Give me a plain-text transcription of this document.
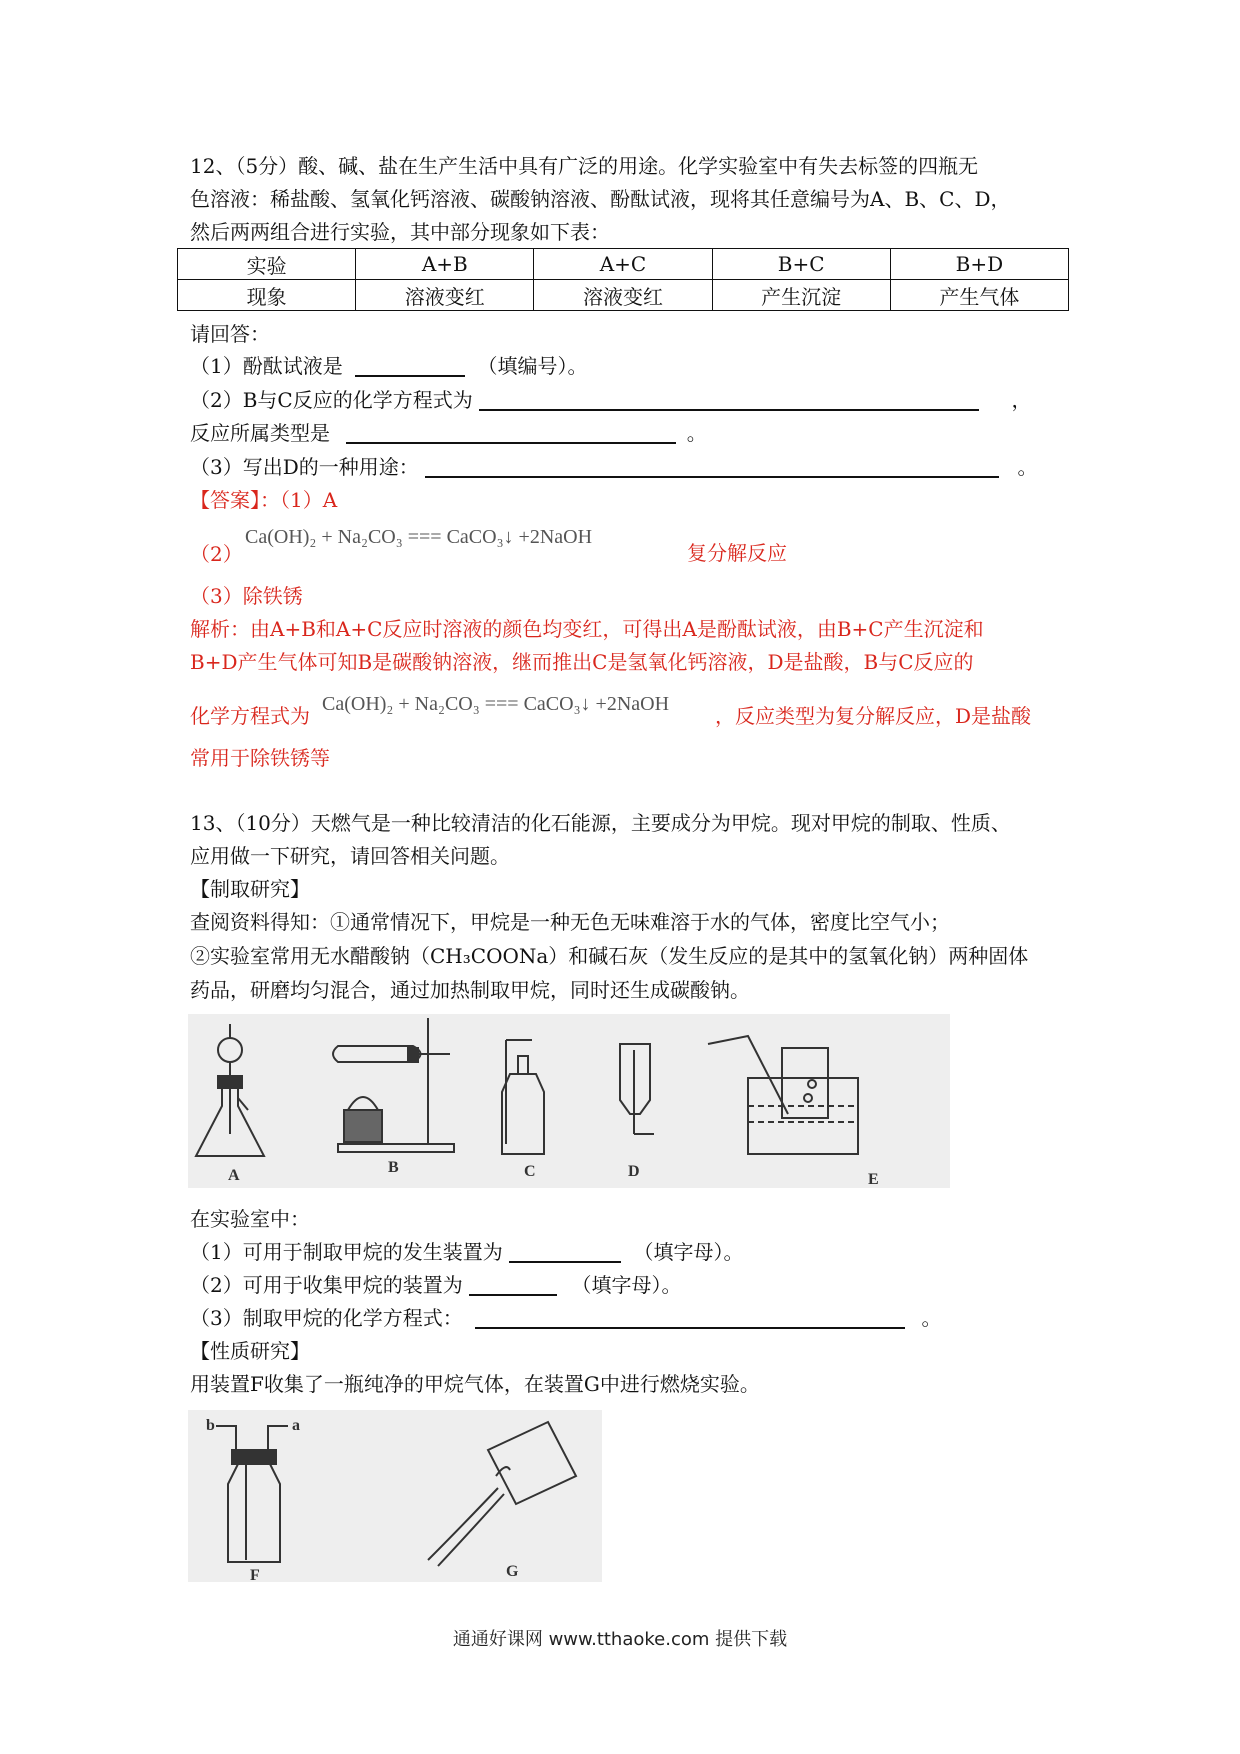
12、（5分）酸、碱、盐在生产生活中具有广泛的用途。化学实验室中有失去标签的四瓶无
色溶液：稀盐酸、氢氧化钙溶液、碳酸钠溶液、酚酞试液，现将其任意编号为A、B、C、D，
然后两两组合进行实验，其中部分现象如下表：
实验	A+B	A+C	B+C	B+D
现象	溶液变红	溶液变红	产生沉淀	产生气体
请回答：
（1）酚酞试液是	（填编号）。
（2）B与C反应的化学方程式为	，
反应所属类型是	。
（3）写出D的一种用途：	。
【答案】：（1）A
（2）
Ca(OH)₂ + Na₂CO₃ === CaCO₃↓ +2NaOH
复分解反应
（3）除铁锈
解析：由A+B和A+C反应时溶液的颜色均变红，可得出A是酚酞试液，由B+C产生沉淀和
B+D产生气体可知B是碳酸钠溶液，继而推出C是氢氧化钙溶液，D是盐酸，B与C反应的
化学方程式为 Ca(OH)₂ + Na₂CO₃ === CaCO₃↓ +2NaOH ，反应类型为复分解反应，D是盐酸
常用于除铁锈等
13、（10分）天燃气是一种比较清洁的化石能源，主要成分为甲烷。现对甲烷的制取、性质、
应用做一下研究，请回答相关问题。
【制取研究】
查阅资料得知：①通常情况下，甲烷是一种无色无味难溶于水的气体，密度比空气小；
②实验室常用无水醋酸钠（CH₃COONa）和碱石灰（发生反应的是其中的氢氧化钠）两种固体
药品，研磨均匀混合，通过加热制取甲烷，同时还生成碳酸钠。
A	B	C	D	E
在实验室中：
（1）可用于制取甲烷的发生装置为	（填字母）。
（2）可用于收集甲烷的装置为	（填字母）。
（3）制取甲烷的化学方程式：	。
【性质研究】
用装置F收集了一瓶纯净的甲烷气体，在装置G中进行燃烧实验。
b	a
F	G
通通好课网 www.tthaoke.com 提供下载
